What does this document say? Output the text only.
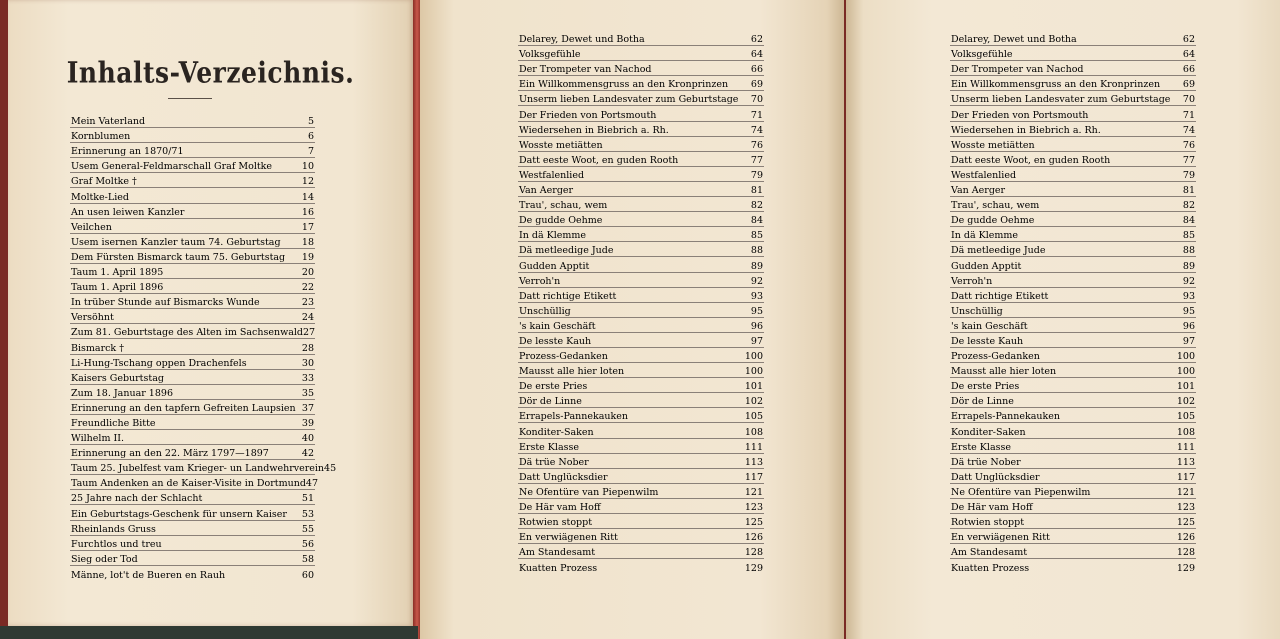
Inhalts-Verzeichnis.
Mein Vaterland	5
Kornblumen	6
Erinnerung an 1870/71	7
Usem General-Feldmarschall Graf Moltke	10
Graf Moltke †	12
Moltke-Lied	14
An usen leiwen Kanzler	16
Veilchen	17
Usem isernen Kanzler taum 74. Geburtstag 18
Dem Fürsten Bismarck taum 75. Geburtstag 19
Taum 1. April 1895	20
Taum 1. April 1896	22
In trüber Stunde auf Bismarcks Wunde	23
Versöhnt	24
Zum 81. Geburtstage des Alten im Sachsenwald 27
Bismarck †	28
Li-Hung-Tschang oppen Drachenfels	30
Kaisers Geburtstag	33
Zum 18. Januar 1896	35
Erinnerung an den tapfern Gefreiten Laupsien 37
Freundliche Bitte	39
Wilhelm II.	40
Erinnerung an den 22. März 1797—1897	42
Taum 25. Jubelfest vam Krieger- un Landwehrverein 45
Taum Andenken an de Kaiser-Visite in Dortmund 47
25 Jahre nach der Schlacht	51
Ein Geburtstags-Geschenk für unsern Kaiser 53
Rheinlands Gruss	55
Furchtlos und treu	56
Sieg oder Tod	58
Männe, lot't de Bueren en Rauh	60
Delarey, Dewet und Botha	62
Volksgefühle	64
Der Trompeter van Nachod	66
Ein Willkommensgruss an den Kronprinzen 69
Unserm lieben Landesvater zum Geburtstage 70
Der Frieden von Portsmouth	71
Wiedersehen in Biebrich a. Rh.	74
Wosste metiätten	76
Datt eeste Woot, en guden Rooth	77
Westfalenlied	79
Van Aerger	81
Trau', schau, wem	82
De gudde Oehme	84
In dä Klemme	85
Dä metleedige Jude	88
Gudden Apptit	89
Verroh'n	92
Datt richtige Etikett	93
Unschüllig	95
's kain Geschäft	96
De lesste Kauh	97
Prozess-Gedanken	100
Mausst alle hier loten	100
De erste Pries	101
Dör de Linne	102
Errapels-Pannekauken	105
Konditer-Saken	108
Erste Klasse	111
Dä trüe Nober	113
Datt Unglücksdier	117
Ne Ofentüre van Piepenwilm	121
De Här vam Hoff	123
Rotwien stoppt	125
En verwiägenen Ritt	126
Am Standesamt	128
Kuatten Prozess	129
Delarey, Dewet und Botha	62
Volksgefühle	64
Der Trompeter van Nachod	66
Ein Willkommensgruss an den Kronprinzen 69
Unserm lieben Landesvater zum Geburtstage 70
Der Frieden von Portsmouth	71
Wiedersehen in Biebrich a. Rh.	74
Wosste metiätten	76
Datt eeste Woot, en guden Rooth	77
Westfalenlied	79
Van Aerger	81
Trau', schau, wem	82
De gudde Oehme	84
In dä Klemme	85
Dä metleedige Jude	88
Gudden Apptit	89
Verroh'n	92
Datt richtige Etikett	93
Unschüllig	95
's kain Geschäft	96
De lesste Kauh	97
Prozess-Gedanken	100
Mausst alle hier loten	100
De erste Pries	101
Dör de Linne	102
Errapels-Pannekauken	105
Konditer-Saken	108
Erste Klasse	111
Dä trüe Nober	113
Datt Unglücksdier	117
Ne Ofentüre van Piepenwilm	121
De Här vam Hoff	123
Rotwien stoppt	125
En verwiägenen Ritt	126
Am Standesamt	128
Kuatten Prozess	129
